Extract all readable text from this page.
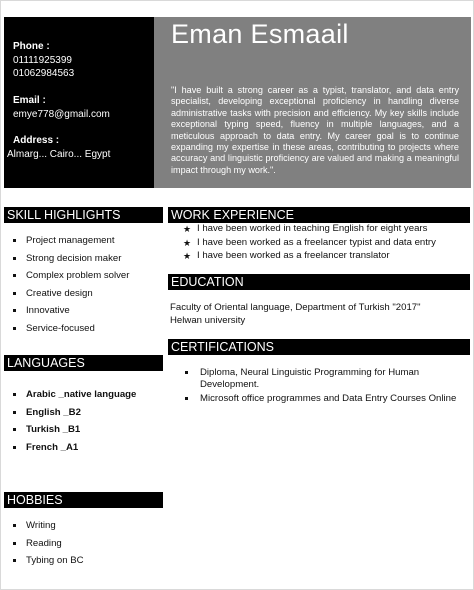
Phone :
01111925399
01062984563
Email :
emye778@gmail.com
Address :
Almarg... Cairo... Egypt
Eman Esmaail
"I have built a strong career as a typist, translator, and data entry specialist, developing exceptional proficiency in handling diverse administrative tasks with precision and efficiency. My key skills include exceptional typing speed, fluency in multiple languages, and a meticulous approach to data entry. My career goal is to continue expanding my expertise in these areas, contributing to projects where accuracy and linguistic proficiency are valued and making a meaningful impact through my work.".
SKILL HIGHLIGHTS
Project management
Strong decision maker
Complex problem solver
Creative design
Innovative
Service-focused
LANGUAGES
Arabic _native language
English _B2
Turkish _B1
French _A1
HOBBIES
Writing
Reading
Tybing on BC
WORK EXPERIENCE
★ I have been worked in teaching English for eight years
★ I have been worked as a freelancer typist and data entry
★ I have been worked as a freelancer translator
EDUCATION
Faculty of Oriental language, Department of Turkish "2017"
Helwan university
CERTIFICATIONS
Diploma, Neural Linguistic Programming for Human Development.
Microsoft office programmes and Data Entry Courses Online
